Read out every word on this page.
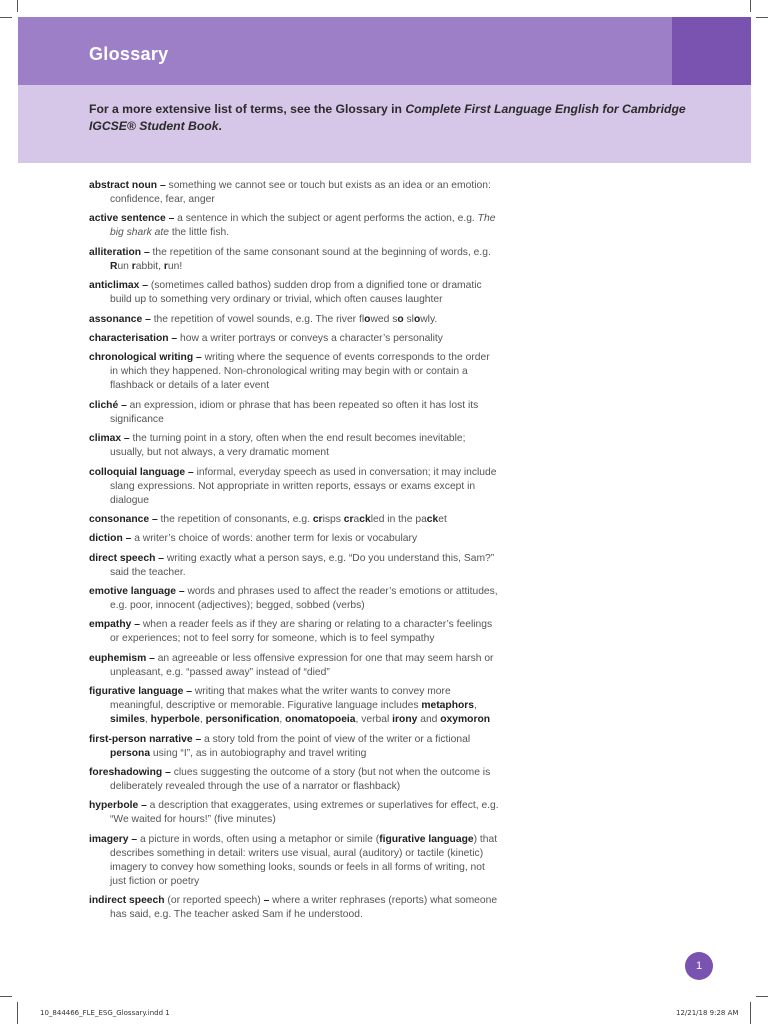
Glossary
For a more extensive list of terms, see the Glossary in Complete First Language English for Cambridge IGCSE® Student Book.

abstract noun – something we cannot see or touch but exists as an idea or an emotion: confidence, fear, anger

active sentence – a sentence in which the subject or agent performs the action, e.g. The big shark ate the little fish.

alliteration – the repetition of the same consonant sound at the beginning of words, e.g. Run rabbit, run!

anticlimax – (sometimes called bathos) sudden drop from a dignified tone or dramatic build up to something very ordinary or trivial, which often causes laughter

assonance – the repetition of vowel sounds, e.g. The river flowed so slowly.

characterisation – how a writer portrays or conveys a character’s personality

chronological writing – writing where the sequence of events corresponds to the order in which they happened. Non-chronological writing may begin with or contain a flashback or details of a later event

cliché – an expression, idiom or phrase that has been repeated so often it has lost its significance

climax – the turning point in a story, often when the end result becomes inevitable; usually, but not always, a very dramatic moment

colloquial language – informal, everyday speech as used in conversation; it may include slang expressions. Not appropriate in written reports, essays or exams except in dialogue

consonance – the repetition of consonants, e.g. crisps crackled in the packet

diction – a writer’s choice of words: another term for lexis or vocabulary

direct speech – writing exactly what a person says, e.g. “Do you understand this, Sam?” said the teacher.

emotive language – words and phrases used to affect the reader’s emotions or attitudes, e.g. poor, innocent (adjectives); begged, sobbed (verbs)

empathy – when a reader feels as if they are sharing or relating to a character’s feelings or experiences; not to feel sorry for someone, which is to feel sympathy

euphemism – an agreeable or less offensive expression for one that may seem harsh or unpleasant, e.g. “passed away” instead of “died”

figurative language – writing that makes what the writer wants to convey more meaningful, descriptive or memorable. Figurative language includes metaphors, similes, hyperbole, personification, onomatopoeia, verbal irony and oxymoron

first-person narrative – a story told from the point of view of the writer or a fictional persona using “I”, as in autobiography and travel writing

foreshadowing – clues suggesting the outcome of a story (but not when the outcome is deliberately revealed through the use of a narrator or flashback)

hyperbole – a description that exaggerates, using extremes or superlatives for effect, e.g. “We waited for hours!” (five minutes)

imagery – a picture in words, often using a metaphor or simile (figurative language) that describes something in detail: writers use visual, aural (auditory) or tactile (kinetic) imagery to convey how something looks, sounds or feels in all forms of writing, not just fiction or poetry

indirect speech (or reported speech) – where a writer rephrases (reports) what someone has said, e.g. The teacher asked Sam if he understood.

1
10_844466_FLE_ESG_Glossary.indd 1	12/21/18 9:28 AM
